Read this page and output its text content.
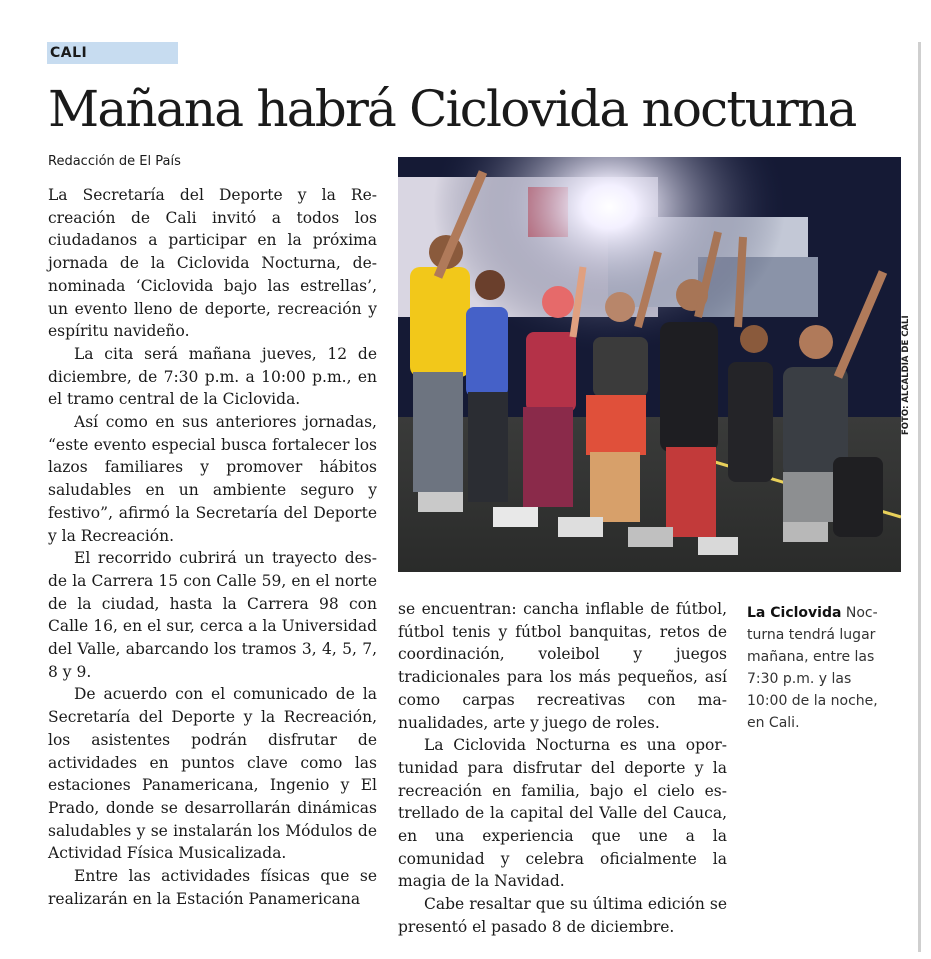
CALI
Mañana habrá Ciclovida nocturna
Redacción de El País

La Secretaría del Deporte y la Recreación de Cali invitó a todos los ciudadanos a participar en la próxima jornada de la Ciclovida Nocturna, denominada ‘Ciclovida bajo las estrellas’, un evento lleno de deporte, recreación y espíritu navideño.

La cita será mañana jueves, 12 de diciembre, de 7:30 p.m. a 10:00 p.m., en el tramo central de la Ciclovida.

Así como en sus anteriores jornadas, “este evento especial busca fortalecer los lazos familiares y promover hábitos saludables en un ambiente seguro y festivo”, afirmó la Secretaría del Deporte y la Recreación.

El recorrido cubrirá un trayecto desde la Carrera 15 con Calle 59, en el norte de la ciudad, hasta la Carrera 98 con Calle 16, en el sur, cerca a la Universidad del Valle, abarcando los tramos 3, 4, 5, 7, 8 y 9.

De acuerdo con el comunicado de la Secretaría del Deporte y la Recreación, los asistentes podrán disfrutar de actividades en puntos clave como las estaciones Panamericana, Ingenio y El Prado, donde se desarrollarán dinámicas saludables y se instalarán los Módulos de Actividad Física Musicalizada.

Entre las actividades físicas que se realizarán en la Estación Panamericana

FOTO: ALCALDÍA DE CALI

se encuentran: cancha inflable de fútbol, fútbol tenis y fútbol banquitas, retos de coordinación, voleibol y juegos tradicionales para los más pequeños, así como carpas recreativas con manualidades, arte y juego de roles.

La Ciclovida Nocturna es una oportunidad para disfrutar del deporte y la recreación en familia, bajo el cielo estrellado de la capital del Valle del Cauca, en una experiencia que une a la comunidad y celebra oficialmente la magia de la Navidad.

Cabe resaltar que su última edición se presentó el pasado 8 de diciembre.

La Ciclovida Noc-
turna tendrá lugar
mañana, entre las
7:30 p.m. y las
10:00 de la noche,
en Cali.
